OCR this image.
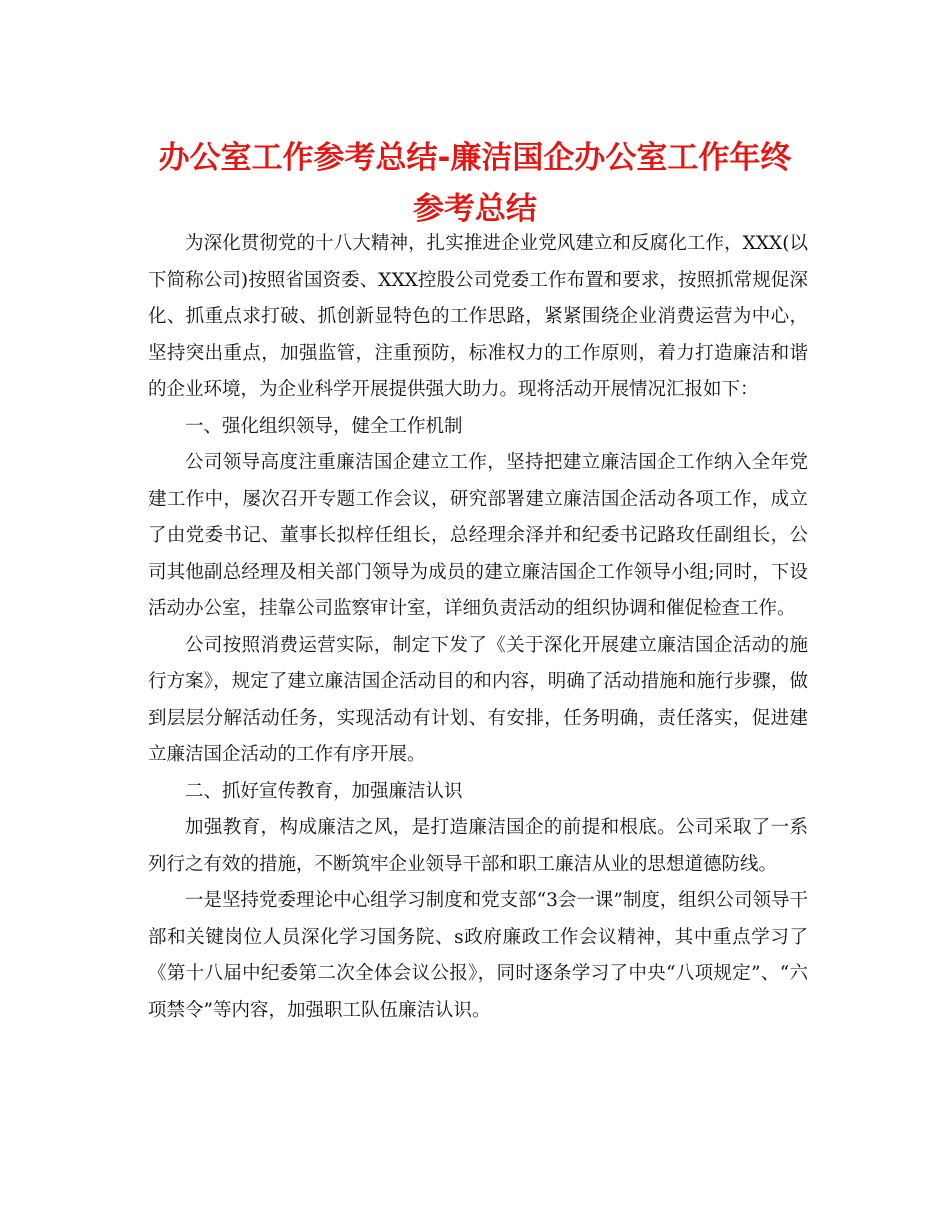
办公室工作参考总结-廉洁国企办公室工作年终
参考总结

为深化贯彻党的十八大精神，扎实推进企业党风建立和反腐化工作，XXX(以下简称公司)按照省国资委、XXX控股公司党委工作布置和要求，按照抓常规促深化、抓重点求打破、抓创新显特色的工作思路，紧紧围绕企业消费运营为中心，坚持突出重点，加强监管，注重预防，标准权力的工作原则，着力打造廉洁和谐的企业环境，为企业科学开展提供强大助力。现将活动开展情况汇报如下：

一、强化组织领导，健全工作机制

公司领导高度注重廉洁国企建立工作，坚持把建立廉洁国企工作纳入全年党建工作中，屡次召开专题工作会议，研究部署建立廉洁国企活动各项工作，成立了由党委书记、董事长拟梓任组长，总经理余泽并和纪委书记路玫任副组长，公司其他副总经理及相关部门领导为成员的建立廉洁国企工作领导小组;同时，下设活动办公室，挂靠公司监察审计室，详细负责活动的组织协调和催促检查工作。

公司按照消费运营实际，制定下发了《关于深化开展建立廉洁国企活动的施行方案》，规定了建立廉洁国企活动目的和内容，明确了活动措施和施行步骤，做到层层分解活动任务，实现活动有计划、有安排，任务明确，责任落实，促进建立廉洁国企活动的工作有序开展。

二、抓好宣传教育，加强廉洁认识

加强教育，构成廉洁之风，是打造廉洁国企的前提和根底。公司采取了一系列行之有效的措施，不断筑牢企业领导干部和职工廉洁从业的思想道德防线。

一是坚持党委理论中心组学习制度和党支部“3会一课”制度，组织公司领导干部和关键岗位人员深化学习国务院、s政府廉政工作会议精神，其中重点学习了《第十八届中纪委第二次全体会议公报》，同时逐条学习了中央“八项规定”、“六项禁令”等内容，加强职工队伍廉洁认识。
